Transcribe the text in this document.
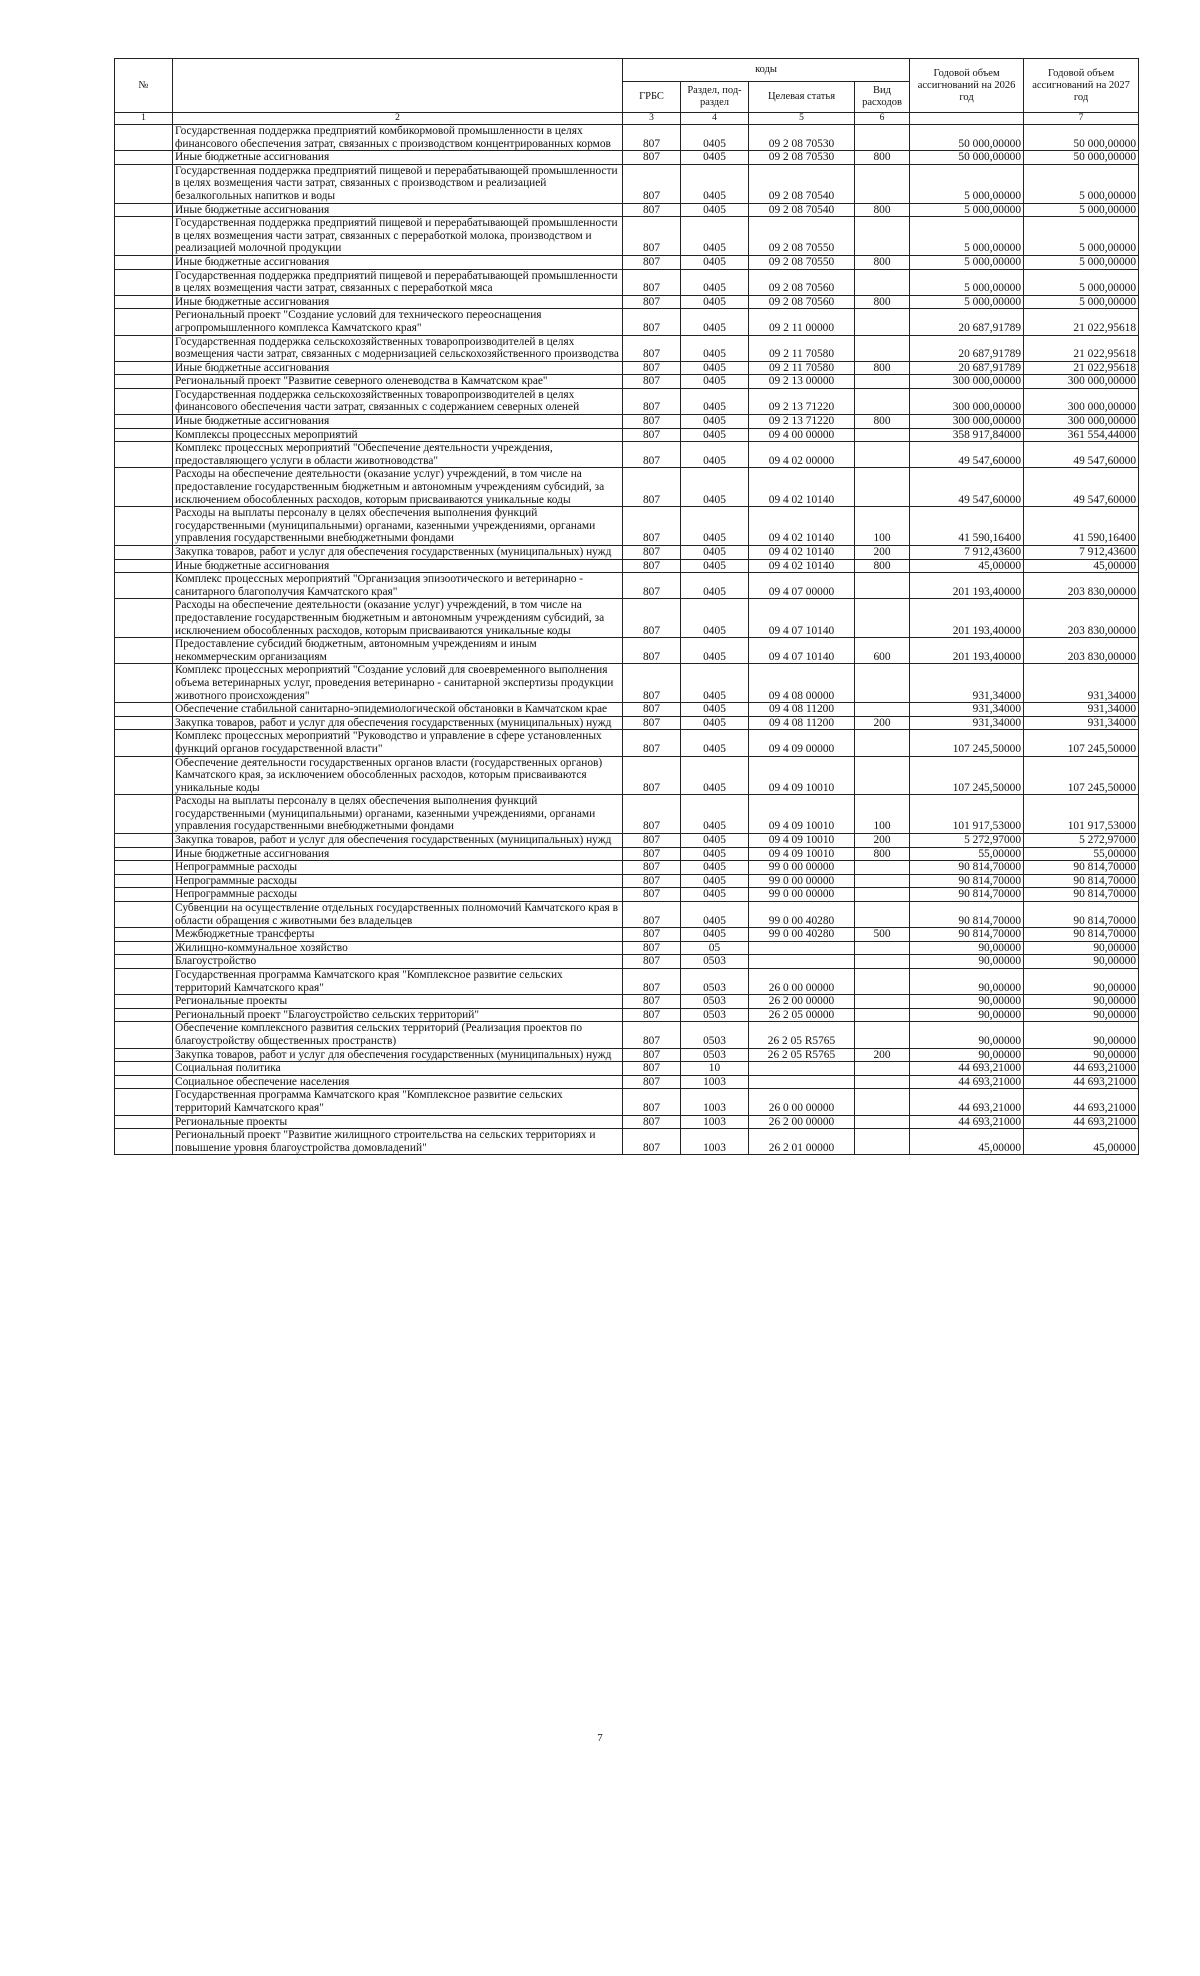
№		коды				Годовой объем ассигнований на 2026 год	Годовой объем ассигнований на 2027 год
		ГРБС	Раздел, под-раздел	Целевая статья	Вид расходов		
1	2	3	4	5	6		7
	Государственная поддержка предприятий комбикормовой промышленности в целях финансового обеспечения затрат, связанных с производством концентрированных кормов	807	0405	09 2 08 70530		50 000,00000	50 000,00000
	Иные бюджетные ассигнования	807	0405	09 2 08 70530	800	50 000,00000	50 000,00000
	Государственная поддержка предприятий пищевой и перерабатывающей промышленности в целях возмещения части затрат, связанных с производством и реализацией безалкогольных напитков и воды	807	0405	09 2 08 70540		5 000,00000	5 000,00000
	Иные бюджетные ассигнования	807	0405	09 2 08 70540	800	5 000,00000	5 000,00000
	Государственная поддержка предприятий пищевой и перерабатывающей промышленности в целях возмещения части затрат, связанных с переработкой молока, производством и реализацией молочной продукции	807	0405	09 2 08 70550		5 000,00000	5 000,00000
	Иные бюджетные ассигнования	807	0405	09 2 08 70550	800	5 000,00000	5 000,00000
	Государственная поддержка предприятий пищевой и перерабатывающей промышленности в целях возмещения части затрат, связанных с переработкой мяса	807	0405	09 2 08 70560		5 000,00000	5 000,00000
	Иные бюджетные ассигнования	807	0405	09 2 08 70560	800	5 000,00000	5 000,00000
	Региональный проект "Создание условий для технического переоснащения агропромышленного комплекса Камчатского края"	807	0405	09 2 11 00000		20 687,91789	21 022,95618
	Государственная поддержка сельскохозяйственных товаропроизводителей в целях возмещения части затрат, связанных с модернизацией сельскохозяйственного производства	807	0405	09 2 11 70580		20 687,91789	21 022,95618
	Иные бюджетные ассигнования	807	0405	09 2 11 70580	800	20 687,91789	21 022,95618
	Региональный проект "Развитие северного оленеводства в Камчатском крае"	807	0405	09 2 13 00000		300 000,00000	300 000,00000
	Государственная поддержка сельскохозяйственных товаропроизводителей в целях финансового обеспечения части затрат, связанных с содержанием северных оленей	807	0405	09 2 13 71220		300 000,00000	300 000,00000
	Иные бюджетные ассигнования	807	0405	09 2 13 71220	800	300 000,00000	300 000,00000
	Комплексы процессных мероприятий	807	0405	09 4 00 00000		358 917,84000	361 554,44000
	Комплекс процессных мероприятий "Обеспечение деятельности учреждения, предоставляющего услуги в области животноводства"	807	0405	09 4 02 00000		49 547,60000	49 547,60000
	Расходы на обеспечение деятельности (оказание услуг) учреждений, в том числе на предоставление государственным бюджетным и автономным учреждениям субсидий, за исключением обособленных расходов, которым присваиваются уникальные коды	807	0405	09 4 02 10140		49 547,60000	49 547,60000
	Расходы на выплаты персоналу в целях обеспечения выполнения функций государственными (муниципальными) органами, казенными учреждениями, органами управления государственными внебюджетными фондами	807	0405	09 4 02 10140	100	41 590,16400	41 590,16400
	Закупка товаров, работ и услуг для обеспечения государственных (муниципальных) нужд	807	0405	09 4 02 10140	200	7 912,43600	7 912,43600
	Иные бюджетные ассигнования	807	0405	09 4 02 10140	800	45,00000	45,00000
	Комплекс процессных мероприятий "Организация эпизоотического и ветеринарно - санитарного благополучия Камчатского края"	807	0405	09 4 07 00000		201 193,40000	203 830,00000
	Расходы на обеспечение деятельности (оказание услуг) учреждений, в том числе на предоставление государственным бюджетным и автономным учреждениям субсидий, за исключением обособленных расходов, которым присваиваются уникальные коды	807	0405	09 4 07 10140		201 193,40000	203 830,00000
	Предоставление субсидий бюджетным, автономным учреждениям и иным некоммерческим организациям	807	0405	09 4 07 10140	600	201 193,40000	203 830,00000
	Комплекс процессных мероприятий "Создание условий для своевременного выполнения объема ветеринарных услуг, проведения ветеринарно - санитарной экспертизы продукции животного происхождения"	807	0405	09 4 08 00000		931,34000	931,34000
	Обеспечение стабильной санитарно-эпидемиологической обстановки в Камчатском крае	807	0405	09 4 08 11200		931,34000	931,34000
	Закупка товаров, работ и услуг для обеспечения государственных (муниципальных) нужд	807	0405	09 4 08 11200	200	931,34000	931,34000
	Комплекс процессных мероприятий "Руководство и управление в сфере установленных функций органов государственной власти"	807	0405	09 4 09 00000		107 245,50000	107 245,50000
	Обеспечение деятельности государственных органов власти (государственных органов) Камчатского края, за исключением обособленных расходов, которым присваиваются уникальные коды	807	0405	09 4 09 10010		107 245,50000	107 245,50000
	Расходы на выплаты персоналу в целях обеспечения выполнения функций государственными (муниципальными) органами, казенными учреждениями, органами управления государственными внебюджетными фондами	807	0405	09 4 09 10010	100	101 917,53000	101 917,53000
	Закупка товаров, работ и услуг для обеспечения государственных (муниципальных) нужд	807	0405	09 4 09 10010	200	5 272,97000	5 272,97000
	Иные бюджетные ассигнования	807	0405	09 4 09 10010	800	55,00000	55,00000
	Непрограммные расходы	807	0405	99 0 00 00000		90 814,70000	90 814,70000
	Непрограммные расходы	807	0405	99 0 00 00000		90 814,70000	90 814,70000
	Непрограммные расходы	807	0405	99 0 00 00000		90 814,70000	90 814,70000
	Субвенции на осуществление отдельных государственных полномочий Камчатского края в области обращения с животными без владельцев	807	0405	99 0 00 40280		90 814,70000	90 814,70000
	Межбюджетные трансферты	807	0405	99 0 00 40280	500	90 814,70000	90 814,70000
	Жилищно-коммунальное хозяйство	807	05			90,00000	90,00000
	Благоустройство	807	0503			90,00000	90,00000
	Государственная программа Камчатского края "Комплексное развитие сельских территорий Камчатского края"	807	0503	26 0 00 00000		90,00000	90,00000
	Региональные проекты	807	0503	26 2 00 00000		90,00000	90,00000
	Региональный проект "Благоустройство сельских территорий"	807	0503	26 2 05 00000		90,00000	90,00000
	Обеспечение комплексного развития сельских территорий (Реализация проектов по благоустройству общественных пространств)	807	0503	26 2 05 R5765		90,00000	90,00000
	Закупка товаров, работ и услуг для обеспечения государственных (муниципальных) нужд	807	0503	26 2 05 R5765	200	90,00000	90,00000
	Социальная политика	807	10			44 693,21000	44 693,21000
	Социальное обеспечение населения	807	1003			44 693,21000	44 693,21000
	Государственная программа Камчатского края "Комплексное развитие сельских территорий Камчатского края"	807	1003	26 0 00 00000		44 693,21000	44 693,21000
	Региональные проекты	807	1003	26 2 00 00000		44 693,21000	44 693,21000
	Региональный проект "Развитие жилищного строительства на сельских территориях и повышение уровня благоустройства домовладений"	807	1003	26 2 01 00000		45,00000	45,00000
7
